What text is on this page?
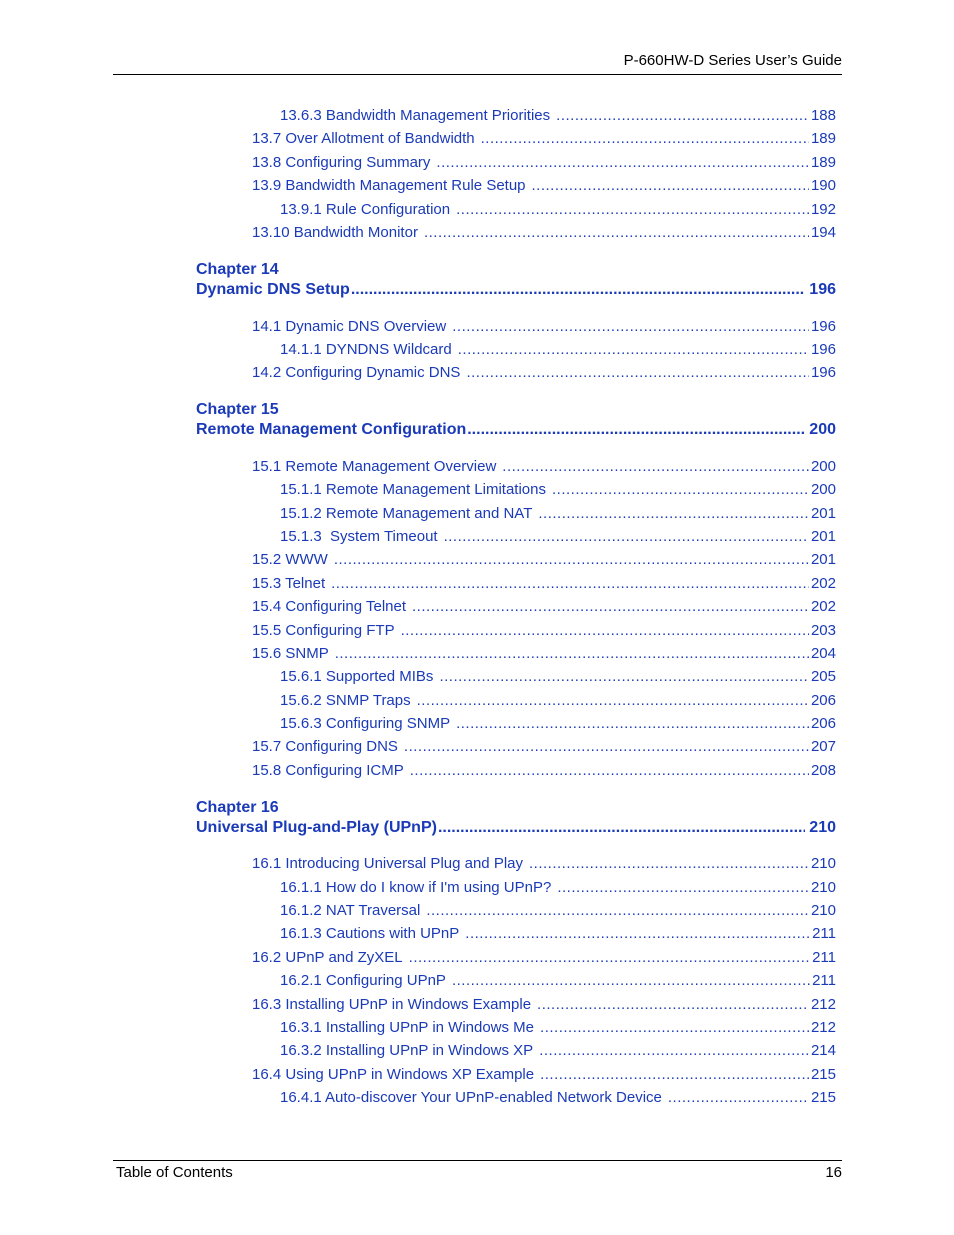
P-660HW-D Series User’s Guide
13.6.3 Bandwidth Management Priorities .....	188
13.7 Over Allotment of Bandwidth .....	189
13.8 Configuring Summary .....	189
13.9 Bandwidth Management Rule Setup .....	190
13.9.1 Rule Configuration .....	192
13.10 Bandwidth Monitor .....	194
Chapter 14
Dynamic DNS Setup .....	196
14.1 Dynamic DNS Overview .....	196
14.1.1 DYNDNS Wildcard .....	196
14.2 Configuring Dynamic DNS .....	196
Chapter 15
Remote Management Configuration .....	200
15.1 Remote Management Overview .....	200
15.1.1 Remote Management Limitations .....	200
15.1.2 Remote Management and NAT .....	201
15.1.3  System Timeout .....	201
15.2 WWW .....	201
15.3 Telnet .....	202
15.4 Configuring Telnet .....	202
15.5 Configuring FTP .....	203
15.6 SNMP .....	204
15.6.1 Supported MIBs .....	205
15.6.2 SNMP Traps .....	206
15.6.3 Configuring SNMP .....	206
15.7 Configuring DNS .....	207
15.8 Configuring ICMP .....	208
Chapter 16
Universal Plug-and-Play (UPnP) .....	210
16.1 Introducing Universal Plug and Play .....	210
16.1.1 How do I know if I'm using UPnP? .....	210
16.1.2 NAT Traversal .....	210
16.1.3 Cautions with UPnP .....	211
16.2 UPnP and ZyXEL .....	211
16.2.1 Configuring UPnP .....	211
16.3 Installing UPnP in Windows Example .....	212
16.3.1 Installing UPnP in Windows Me .....	212
16.3.2 Installing UPnP in Windows XP .....	214
16.4 Using UPnP in Windows XP Example .....	215
16.4.1 Auto-discover Your UPnP-enabled Network Device .....	215
Table of Contents	16
